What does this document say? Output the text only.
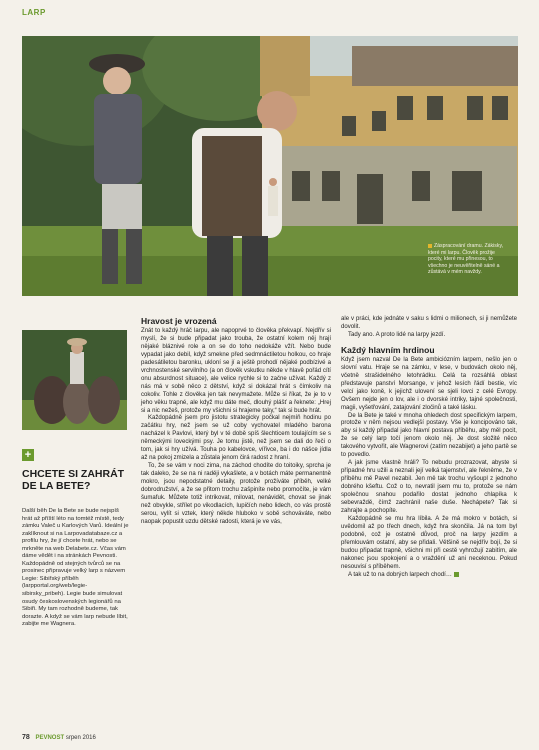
LARP
Záspracování dramu. Zákisky, které mi larpu. Člověk prožije pocity, které mu přinesou, to všechno je neuvěřitelně sáné a zůstává v mém navždy.
+
CHCETE SI ZAHRÁT DE LA BETE?
Další běh De la Bete se bude nejspíš hrát až příští léto na tomtéž místě, tedy zámku Valeč u Karlových Varů. Ideální je zaklíknout si na Larpovadatabaze.cz a profilu hry, že jí chcete hrát, nebo se mrkněte na web Delabete.cz. Včas vám dáme vědět i na stránkách Pevnosti. Každopádně od stejných tvůrců se na prosinec připravuje velký larp s názvem Legie: Sibiřský příběh (larpportal.org/web/legie-sibirsky_pribeh). Legie bude simulovat osudy československých legionářů na Sibiři. My tam rozhodně budeme, tak dorazte. A když se vám larp nebude líbit, zabijte me Wagnera.
Hravost je vrozená

Znát to každý hráč larpu, ale napoprvé to člověka překvapí. Nejdřív si myslí, že si bude připadat jako trouba, že ostatní kolem něj hrají nějaké bláznivé role a on se do toho nedokáže vžít. Nebo bude vypadat jako debil, když smekne před sedmnáctiletou holkou, co hraje padesátiletou baronku, ukloní se jí a ještě prohodí nějaké podbízivé a vrchnostenské servilního (a on člověk vskutku někde v hlavě pořád cítí onu absurdnost situace), ale velice rychle si to začne užívat. Každý z nás má v sobě něco z dětství, když si dokázal hrát s čímkoliv na cokoliv. Tohle z člověka jen tak nevymažete. Může si říkat, že je to v jeho věku trapné, ale když mu dáte meč, dlouhý plášť a řeknete: „Hrej si a nic nežeš, protože my všichni si hrajeme taky,“ tak si bude hrát.

Každopádně jsem pro jistotu strategicky počkal nejmíň hodinu po začátku hry, než jsem se už coby vychovatel mladého barona nacházel k Pavlovi, který byl v té době spíš šlechticem toulajícím se s německými loveckými psy. Je tomu jistě, než jsem se dali do řeči o tom, jak si hry užívá. Touha po kabelovce, vířivce, ba i do nášce jídla až na pokoj zmizela a zůstala jenom čirá radost z hraní.

To, že se vám v noci zima, na záchod chodíte do toitoiky, sprcha je tak daleko, že se na ni raději vykašlete, a v botách máte permanentně mokro, jsou nepodstatné detaily, protože prožíváte příběh, velké dobrodružství, a že se přitom trochu zašpiníte nebo promočíte, je vám šumafuk. Můžete totiž intrikovat, milovat, nenávidět, chovat se jinak než obvykle, střílet po vikodlacích, lupičích nebo lidech, co vás prostě serou, vylít si vztek, který někde hluboko v sobě schováváte, nebo naopak popustit uzdu dětské radosti, která je ve vás,

ale v práci, kde jednáte v saku s lidmi o milionech, si ji nemůžete dovolit.

Tady ano. A proto lidé na larpy jezdí.

Každý hlavním hrdinou

Když jsem nazval De la Bete ambiciózním larpem, nešlo jen o slovní vatu. Hraje se na zámku, v lese, v budovách okolo něj, včetně strašidelného letohrádku. Celá ta rozsáhlá oblast představuje panství Morsange, v jehož lesích řádí bestie, víc velcí jako koně, k jejichž ulovení se sjeli lovci z celé Evropy. Ovšem nejde jen o lov, ale i o dvorské intriky, tajné společnosti, magii, vyšetřování, zatajování zločinů a také lásku.

De la Bete je také v mnoha ohledech dost specifickým larpem, protože v něm nejsou vedlejší postavy. Vše je koncipováno tak, aby si každý připadal jako hlavní postava příběhu, aby měl pocit, že se celý larp točí jenom okolo něj. Je dost složité něco takového vytvořit, ale Wagnerovi (zatím nezabijet) a jeho partě se to povedlo.

A jak jsme vlastně hráli? To nebudu prozrazovat, abyste si případné hru užili a neznali její velká tajemství, ale řekněme, že v příběhu mě Pavel nezabil. Jen mě tak trochu vyšoupl z jednoho dobrého kšeftu. Což o to, nevratil jsem mu to, protože se nám společnou snahou podařilo dostat jednoho chlapíka k sebevraždě, čímž zachránil naše duše. Nechápete? Tak si zahrajte a pochopíte.

Každopádně se mu hra líbila. A že má mokro v botách, si uvědomil až po třech dnech, když hra skončila. Já na tom byl podobně, což je ostatně důvod, proč na larpy jezdím a přemlouvám ostatní, aby se přidali. Většině se nejdřív bojí, že si budou připadat trapně, všichni mi při cestě vyhrožují zabitím, ale nakonec jsou spokojení a o vraždění už ani neceknou. Pokud nesouvisí s příběhem.

A tak už to na dobrých larpech chodí…

78 PEVNOST srpen 2016
